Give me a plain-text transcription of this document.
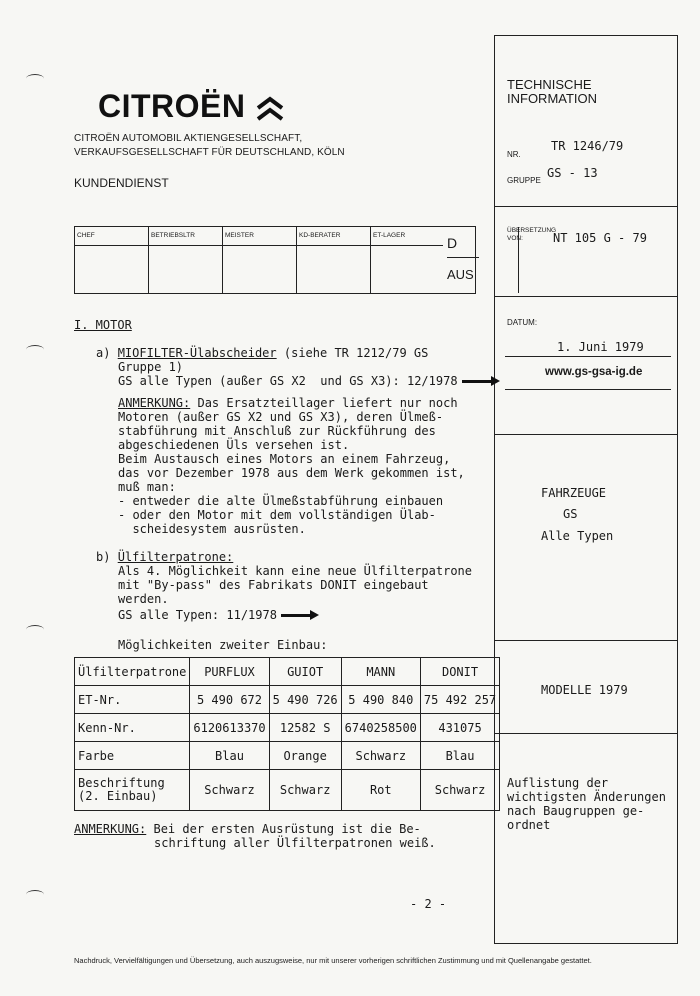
CITROËN
CITROËN AUTOMOBIL AKTIENGESELLSCHAFT,
VERKAUFSGESELLSCHAFT FÜR DEUTSCHLAND, KÖLN
KUNDENDIENST
CHEF	BETRIEBSLTR	MEISTER	KD-BERATER	ET-LAGER	D
AUS
TECHNISCHE
INFORMATION
NR.
TR 1246/79
GRUPPE
GS - 13
ÜBERSETZUNG
VON:	NT 105 G - 79
DATUM:
1. Juni 1979
www.gs-gsa-ig.de
FAHRZEUGE
GS
Alle Typen
MODELLE 1979
Auflistung der
wichtigsten Änderungen
nach Baugruppen ge-
ordnet
I. MOTOR
a) MIOFILTER-Ülabscheider (siehe TR 1212/79 GS
Gruppe 1)
GS alle Typen (außer GS X2  und GS X3): 12/1978
ANMERKUNG: Das Ersatzteillager liefert nur noch
Motoren (außer GS X2 und GS X3), deren Ülmeß-
stabführung mit Anschluß zur Rückführung des
abgeschiedenen Üls versehen ist.
Beim Austausch eines Motors an einem Fahrzeug,
das vor Dezember 1978 aus dem Werk gekommen ist,
muß man:
- entweder die alte Ülmeßstabführung einbauen
- oder den Motor mit dem vollständigen Ülab-
scheidesystem ausrüsten.
b) Ülfilterpatrone:
Als 4. Möglichkeit kann eine neue Ülfilterpatrone
mit "By-pass" des Fabrikats DONIT eingebaut
werden.
GS alle Typen: 11/1978
Möglichkeiten zweiter Einbau:
Ülfilterpatrone	PURFLUX	GUIOT	MANN	DONIT
ET-Nr.	5 490 672	5 490 726	5 490 840	75 492 257
Kenn-Nr.	6120613370	12582 S	6740258500	431075
Farbe	Blau	Orange	Schwarz	Blau
Beschriftung
(2. Einbau)	Schwarz	Schwarz	Rot	Schwarz
ANMERKUNG: Bei der ersten Ausrüstung ist die Be-
schriftung aller Ülfilterpatronen weiß.
- 2 -
Nachdruck, Vervielfältigungen und Übersetzung, auch auszugsweise, nur mit unserer vorherigen schriftlichen Zustimmung und mit Quellenangabe gestattet.
